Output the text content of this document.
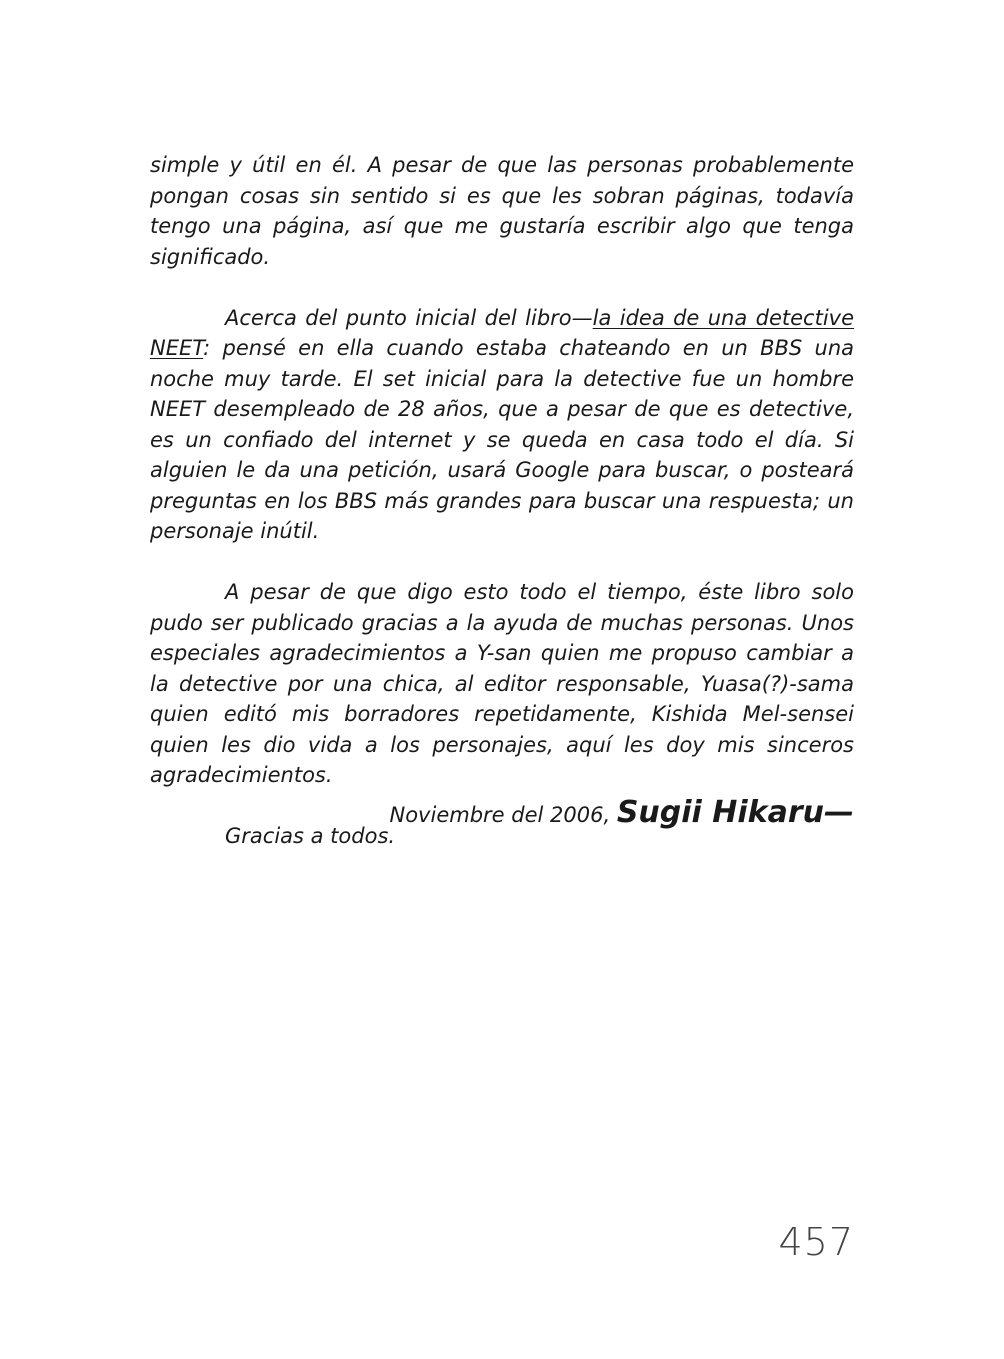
simple y útil en él. A pesar de que las personas probablemente pongan cosas sin sentido si es que les sobran páginas, todavía tengo una página, así que me gustaría escribir algo que tenga significado.

Acerca del punto inicial del libro—la idea de una detective NEET: pensé en ella cuando estaba chateando en un BBS una noche muy tarde. El set inicial para la detective fue un hombre NEET desempleado de 28 años, que a pesar de que es detective, es un confiado del internet y se queda en casa todo el día. Si alguien le da una petición, usará Google para buscar, o posteará preguntas en los BBS más grandes para buscar una respuesta; un personaje inútil.

A pesar de que digo esto todo el tiempo, éste libro solo pudo ser publicado gracias a la ayuda de muchas personas. Unos especiales agradecimientos a Y-san quien me propuso cambiar a la detective por una chica, al editor responsable, Yuasa(?)-sama quien editó mis borradores repetidamente, Kishida Mel-sensei quien les dio vida a los personajes, aquí les doy mis sinceros agradecimientos.

Gracias a todos.

Noviembre del 2006, Sugii Hikaru—
457
